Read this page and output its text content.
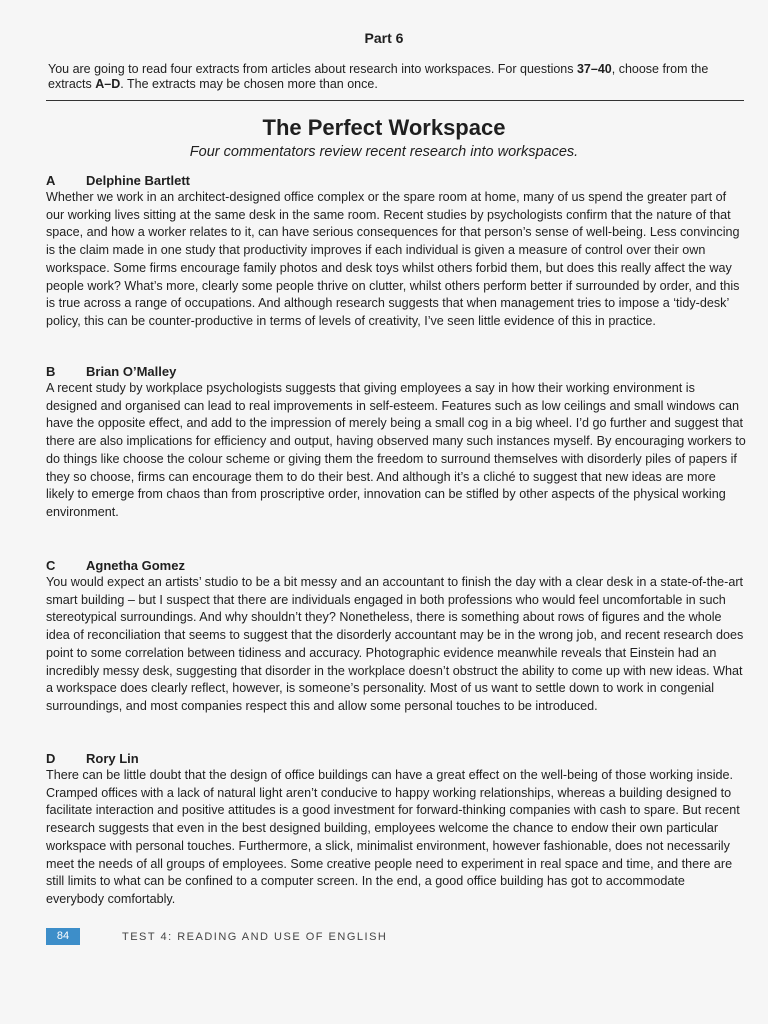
Part 6
You are going to read four extracts from articles about research into workspaces. For questions 37–40, choose from the extracts A–D. The extracts may be chosen more than once.
The Perfect Workspace
Four commentators review recent research into workspaces.
A	Delphine Bartlett
Whether we work in an architect-designed office complex or the spare room at home, many of us spend the greater part of our working lives sitting at the same desk in the same room. Recent studies by psychologists confirm that the nature of that space, and how a worker relates to it, can have serious consequences for that person’s sense of well-being. Less convincing is the claim made in one study that productivity improves if each individual is given a measure of control over their own workspace. Some firms encourage family photos and desk toys whilst others forbid them, but does this really affect the way people work? What’s more, clearly some people thrive on clutter, whilst others perform better if surrounded by order, and this is true across a range of occupations. And although research suggests that when management tries to impose a ‘tidy-desk’ policy, this can be counter-productive in terms of levels of creativity, I’ve seen little evidence of this in practice.
B	Brian O’Malley
A recent study by workplace psychologists suggests that giving employees a say in how their working environment is designed and organised can lead to real improvements in self-esteem. Features such as low ceilings and small windows can have the opposite effect, and add to the impression of merely being a small cog in a big wheel. I’d go further and suggest that there are also implications for efficiency and output, having observed many such instances myself. By encouraging workers to do things like choose the colour scheme or giving them the freedom to surround themselves with disorderly piles of papers if they so choose, firms can encourage them to do their best. And although it’s a cliché to suggest that new ideas are more likely to emerge from chaos than from proscriptive order, innovation can be stifled by other aspects of the physical working environment.
C	Agnetha Gomez
You would expect an artists’ studio to be a bit messy and an accountant to finish the day with a clear desk in a state-of-the-art smart building – but I suspect that there are individuals engaged in both professions who would feel uncomfortable in such stereotypical surroundings. And why shouldn’t they? Nonetheless, there is something about rows of figures and the whole idea of reconciliation that seems to suggest that the disorderly accountant may be in the wrong job, and recent research does point to some correlation between tidiness and accuracy. Photographic evidence meanwhile reveals that Einstein had an incredibly messy desk, suggesting that disorder in the workplace doesn’t obstruct the ability to come up with new ideas. What a workspace does clearly reflect, however, is someone’s personality. Most of us want to settle down to work in congenial surroundings, and most companies respect this and allow some personal touches to be introduced.
D	Rory Lin
There can be little doubt that the design of office buildings can have a great effect on the well-being of those working inside. Cramped offices with a lack of natural light aren’t conducive to happy working relationships, whereas a building designed to facilitate interaction and positive attitudes is a good investment for forward-thinking companies with cash to spare. But recent research suggests that even in the best designed building, employees welcome the chance to endow their own particular workspace with personal touches. Furthermore, a slick, minimalist environment, however fashionable, does not necessarily meet the needs of all groups of employees. Some creative people need to experiment in real space and time, and there are still limits to what can be confined to a computer screen. In the end, a good office building has got to accommodate everybody comfortably.
84	TEST 4: READING AND USE OF ENGLISH
